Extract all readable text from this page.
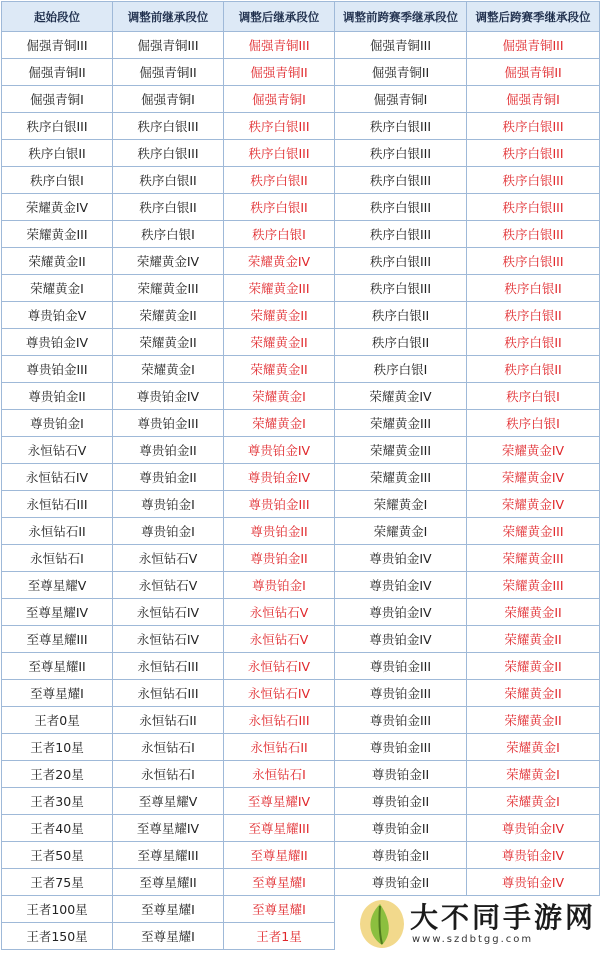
起始段位	调整前继承段位	调整后继承段位	调整前跨赛季继承段位	调整后跨赛季继承段位
倔强青铜III	倔强青铜III	倔强青铜III	倔强青铜III	倔强青铜III
倔强青铜II	倔强青铜II	倔强青铜II	倔强青铜II	倔强青铜II
倔强青铜I	倔强青铜I	倔强青铜I	倔强青铜I	倔强青铜I
秩序白银III	秩序白银III	秩序白银III	秩序白银III	秩序白银III
秩序白银II	秩序白银III	秩序白银III	秩序白银III	秩序白银III
秩序白银I	秩序白银II	秩序白银II	秩序白银III	秩序白银III
荣耀黄金IV	秩序白银II	秩序白银II	秩序白银III	秩序白银III
荣耀黄金III	秩序白银I	秩序白银I	秩序白银III	秩序白银III
荣耀黄金II	荣耀黄金IV	荣耀黄金IV	秩序白银III	秩序白银III
荣耀黄金I	荣耀黄金III	荣耀黄金III	秩序白银III	秩序白银II
尊贵铂金V	荣耀黄金II	荣耀黄金II	秩序白银II	秩序白银II
尊贵铂金IV	荣耀黄金II	荣耀黄金II	秩序白银II	秩序白银II
尊贵铂金III	荣耀黄金I	荣耀黄金II	秩序白银I	秩序白银II
尊贵铂金II	尊贵铂金IV	荣耀黄金I	荣耀黄金IV	秩序白银I
尊贵铂金I	尊贵铂金III	荣耀黄金I	荣耀黄金III	秩序白银I
永恒钻石V	尊贵铂金II	尊贵铂金IV	荣耀黄金III	荣耀黄金IV
永恒钻石IV	尊贵铂金II	尊贵铂金IV	荣耀黄金III	荣耀黄金IV
永恒钻石III	尊贵铂金I	尊贵铂金III	荣耀黄金I	荣耀黄金IV
永恒钻石II	尊贵铂金I	尊贵铂金II	荣耀黄金I	荣耀黄金III
永恒钻石I	永恒钻石V	尊贵铂金II	尊贵铂金IV	荣耀黄金III
至尊星耀V	永恒钻石V	尊贵铂金I	尊贵铂金IV	荣耀黄金III
至尊星耀IV	永恒钻石IV	永恒钻石V	尊贵铂金IV	荣耀黄金II
至尊星耀III	永恒钻石IV	永恒钻石V	尊贵铂金IV	荣耀黄金II
至尊星耀II	永恒钻石III	永恒钻石IV	尊贵铂金III	荣耀黄金II
至尊星耀I	永恒钻石III	永恒钻石IV	尊贵铂金III	荣耀黄金II
王者0星	永恒钻石II	永恒钻石III	尊贵铂金III	荣耀黄金II
王者10星	永恒钻石I	永恒钻石II	尊贵铂金III	荣耀黄金I
王者20星	永恒钻石I	永恒钻石I	尊贵铂金II	荣耀黄金I
王者30星	至尊星耀V	至尊星耀IV	尊贵铂金II	荣耀黄金I
王者40星	至尊星耀IV	至尊星耀III	尊贵铂金II	尊贵铂金IV
王者50星	至尊星耀III	至尊星耀II	尊贵铂金II	尊贵铂金IV
王者75星	至尊星耀II	至尊星耀I	尊贵铂金II	尊贵铂金IV
王者100星	至尊星耀I	至尊星耀I		
王者150星	至尊星耀I	王者1星		
大不同手游网
www.szdbtgg.com
